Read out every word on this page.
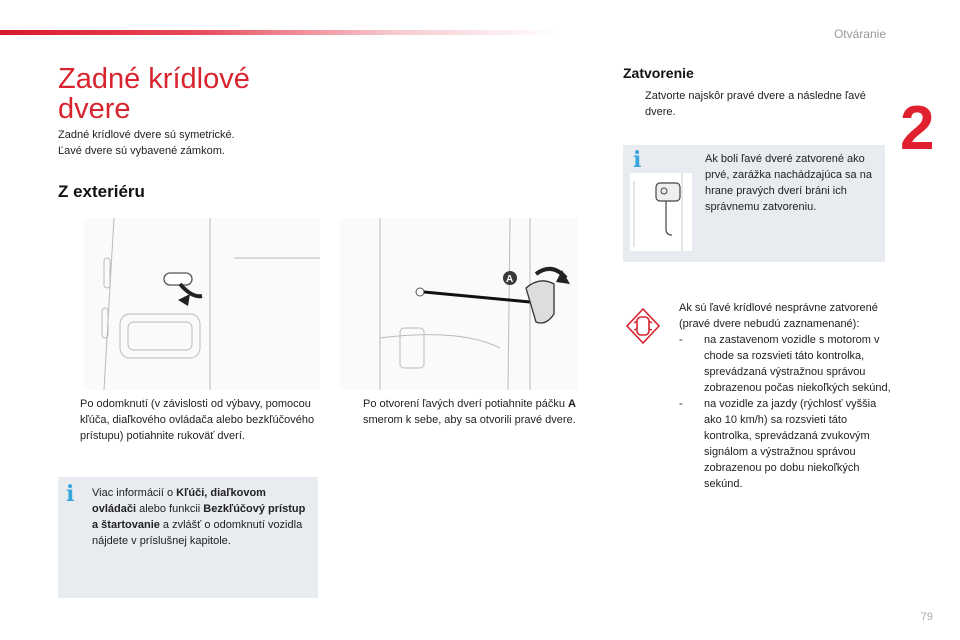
Otváranie
2
Zadné krídlové
dvere
Zadné krídlové dvere sú symetrické.
Ľavé dvere sú vybavené zámkom.
Z exteriéru
A
Po odomknutí (v závislosti od výbavy, pomocou kľúča, diaľkového ovládača alebo bezkľúčového prístupu) potiahnite rukoväť dverí.
Po otvorení ľavých dverí potiahnite páčku A smerom k sebe, aby sa otvorili pravé dvere.
i Viac informácií o Kľúči, diaľkovom ovládači alebo funkcii Bezkľúčový prístup a štartovanie a zvlášť o odomknutí vozidla nájdete v príslušnej kapitole.
Zatvorenie
Zatvorte najskôr pravé dvere a následne ľavé dvere.
i	Ak boli ľavé dveré zatvorené ako prvé, zarážka nachádzajúca sa na hrane pravých dverí bráni ich správnemu zatvoreniu.
Ak sú ľavé krídlové nesprávne zatvorené (pravé dvere nebudú zaznamenané):
- na zastavenom vozidle s motorom v chode sa rozsvieti táto kontrolka, sprevádzaná výstražnou správou zobrazenou počas niekoľkých sekúnd,
- na vozidle za jazdy (rýchlosť vyššia ako 10 km/h) sa rozsvieti táto kontrolka, sprevádzaná zvukovým signálom a výstražnou správou zobrazenou po dobu niekoľkých sekúnd.
79
